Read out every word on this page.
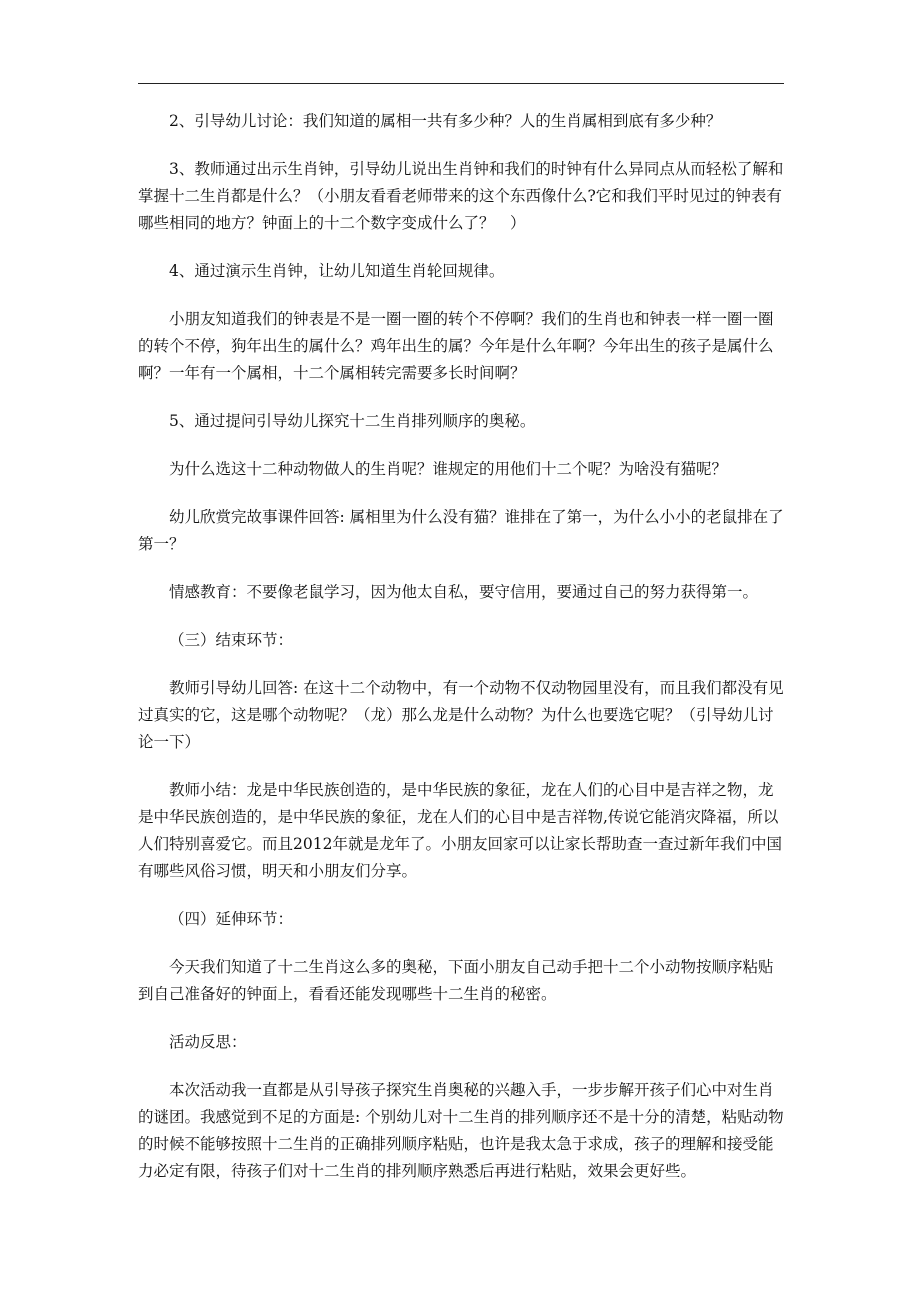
2、引导幼儿讨论：我们知道的属相一共有多少种？人的生肖属相到底有多少种？

3、教师通过出示生肖钟，引导幼儿说出生肖钟和我们的时钟有什么异同点从而轻松了解和掌握十二生肖都是什么？（小朋友看看老师带来的这个东西像什么?它和我们平时见过的钟表有哪些相同的地方？钟面上的十二个数字变成什么了？　）

4、通过演示生肖钟，让幼儿知道生肖轮回规律。

小朋友知道我们的钟表是不是一圈一圈的转个不停啊？我们的生肖也和钟表一样一圈一圈的转个不停，狗年出生的属什么？鸡年出生的属？今年是什么年啊？今年出生的孩子是属什么啊？一年有一个属相，十二个属相转完需要多长时间啊？

5、通过提问引导幼儿探究十二生肖排列顺序的奥秘。

为什么选这十二种动物做人的生肖呢？谁规定的用他们十二个呢？为啥没有猫呢？

幼儿欣赏完故事课件回答: 属相里为什么没有猫？谁排在了第一，为什么小小的老鼠排在了第一？

情感教育：不要像老鼠学习，因为他太自私，要守信用，要通过自己的努力获得第一。

（三）结束环节：

教师引导幼儿回答: 在这十二个动物中，有一个动物不仅动物园里没有，而且我们都没有见过真实的它，这是哪个动物呢？（龙）那么龙是什么动物？为什么也要选它呢？（引导幼儿讨论一下）

教师小结：龙是中华民族创造的，是中华民族的象征，龙在人们的心目中是吉祥之物，龙是中华民族创造的，是中华民族的象征，龙在人们的心目中是吉祥物,传说它能消灾降福，所以人们特别喜爱它。而且2012年就是龙年了。小朋友回家可以让家长帮助查一查过新年我们中国有哪些风俗习惯，明天和小朋友们分享。

（四）延伸环节：

今天我们知道了十二生肖这么多的奥秘，下面小朋友自己动手把十二个小动物按顺序粘贴到自己准备好的钟面上，看看还能发现哪些十二生肖的秘密。

活动反思：

本次活动我一直都是从引导孩子探究生肖奥秘的兴趣入手，一步步解开孩子们心中对生肖的谜团。我感觉到不足的方面是: 个别幼儿对十二生肖的排列顺序还不是十分的清楚，粘贴动物的时候不能够按照十二生肖的正确排列顺序粘贴，也许是我太急于求成，孩子的理解和接受能力必定有限，待孩子们对十二生肖的排列顺序熟悉后再进行粘贴，效果会更好些。
